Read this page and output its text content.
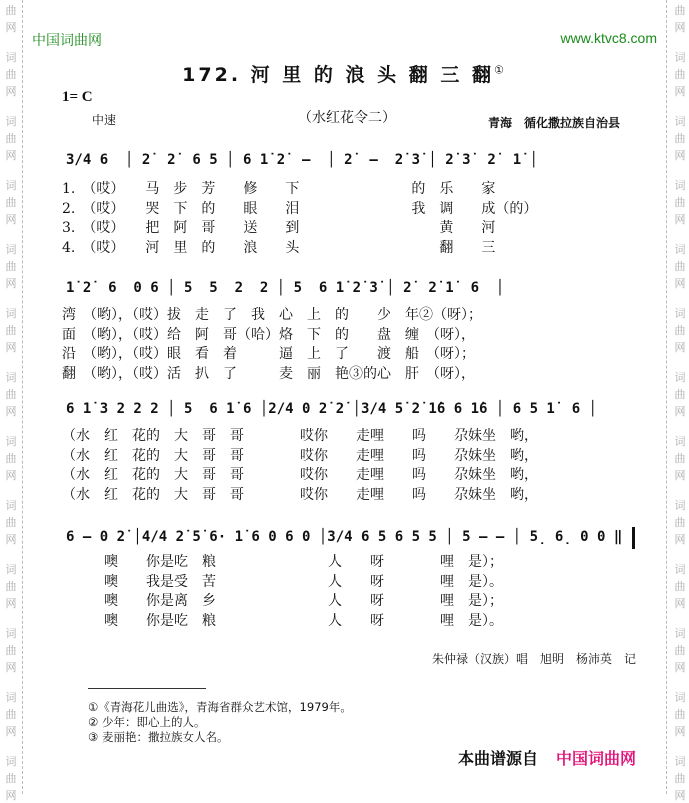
曲
网
词
曲
网
词
曲
网
词
曲
网
词
曲
网
词
曲
网
词
曲
网
词
曲
网
词
曲
网
词
曲
网
词
曲
网
词
曲
网
词
曲
网
曲
网
词
曲
网
词
曲
网
词
曲
网
词
曲
网
词
曲
网
词
曲
网
词
曲
网
词
曲
网
词
曲
网
词
曲
网
词
曲
网
词
曲
网
中国词曲网	www.ktvc8.com
172. 河 里 的 浪 头 翻 三 翻①
1= C
中速	（水红花令二）	青海　循化撒拉族自治县
3/4 6  │ 2̇  2̇  6 5 │ 6 1̇ 2̇  –  │ 2̇  –  2̇ 3̇ │ 2̇ 3̇  2̇  1̇ │
1.　（哎）　　马　步　芳　　修　　下　　　　　　　　的　乐　　家
2.　（哎）　　哭　下　的　　眼　　泪　　　　　　　　我　调　　成（的）
3.　（哎）　　把　阿　哥　　送　　到　　　　　　　　　　黄　　河
4.　（哎）　　河　里　的　　浪　　头　　　　　　　　　　翻　　三
1̇ 2̇  6  0 6 │ 5  5  2  2 │ 5  6 1̇ 2̇ 3̇ │ 2̇  2̇ 1̇  6  │
湾　（哟），（哎）拔　走　了　我　心　上　的　　少　年②（呀）；
面　（哟），（哎）给　阿　哥（哈）烙　下　的　　盘　缠　（呀），
沿　（哟），（哎）眼　看　着　　　逼　上　了　　渡　船　（呀）；
翻　（哟），（哎）活　扒　了　　　麦　丽　艳③的心　肝　（呀），
6 1̇ 3 2 2 2 │ 5  6 1̇ 6 │2/4 0 2̇ 2̇ │3/4 5̇ 2̇ 1̇6 6 1̇6 │ 6 5 1̇  6 │
（水　红　花的　大　哥　哥　　　　哎你　　走哩　　吗　　尕妹坐　哟，
（水　红　花的　大　哥　哥　　　　哎你　　走哩　　吗　　尕妹坐　哟，
（水　红　花的　大　哥　哥　　　　哎你　　走哩　　吗　　尕妹坐　哟，
（水　红　花的　大　哥　哥　　　　哎你　　走哩　　吗　　尕妹坐　哟，
6 – 0 2̇ │4/4 2̇ 5̇ 6· 1̇ 6 0 6 0 │3/4 6 5 6 5 5 │ 5 – – │ 5̣ 6̣ 0 0 ‖
　　　噢　　你是吃　粮　　　　　　　　人　　呀　　　　哩　是）；
　　　噢　　我是受　苦　　　　　　　　人　　呀　　　　哩　是）。
　　　噢　　你是离　乡　　　　　　　　人　　呀　　　　哩　是）；
　　　噢　　你是吃　粮　　　　　　　　人　　呀　　　　哩　是）。
朱仲禄（汉族）唱　旭明　杨沛英　记
①《青海花儿曲选》，青海省群众艺术馆，1979年。
② 少年：即心上的人。
③ 麦丽艳：撒拉族女人名。
本曲谱源自 中国词曲网
